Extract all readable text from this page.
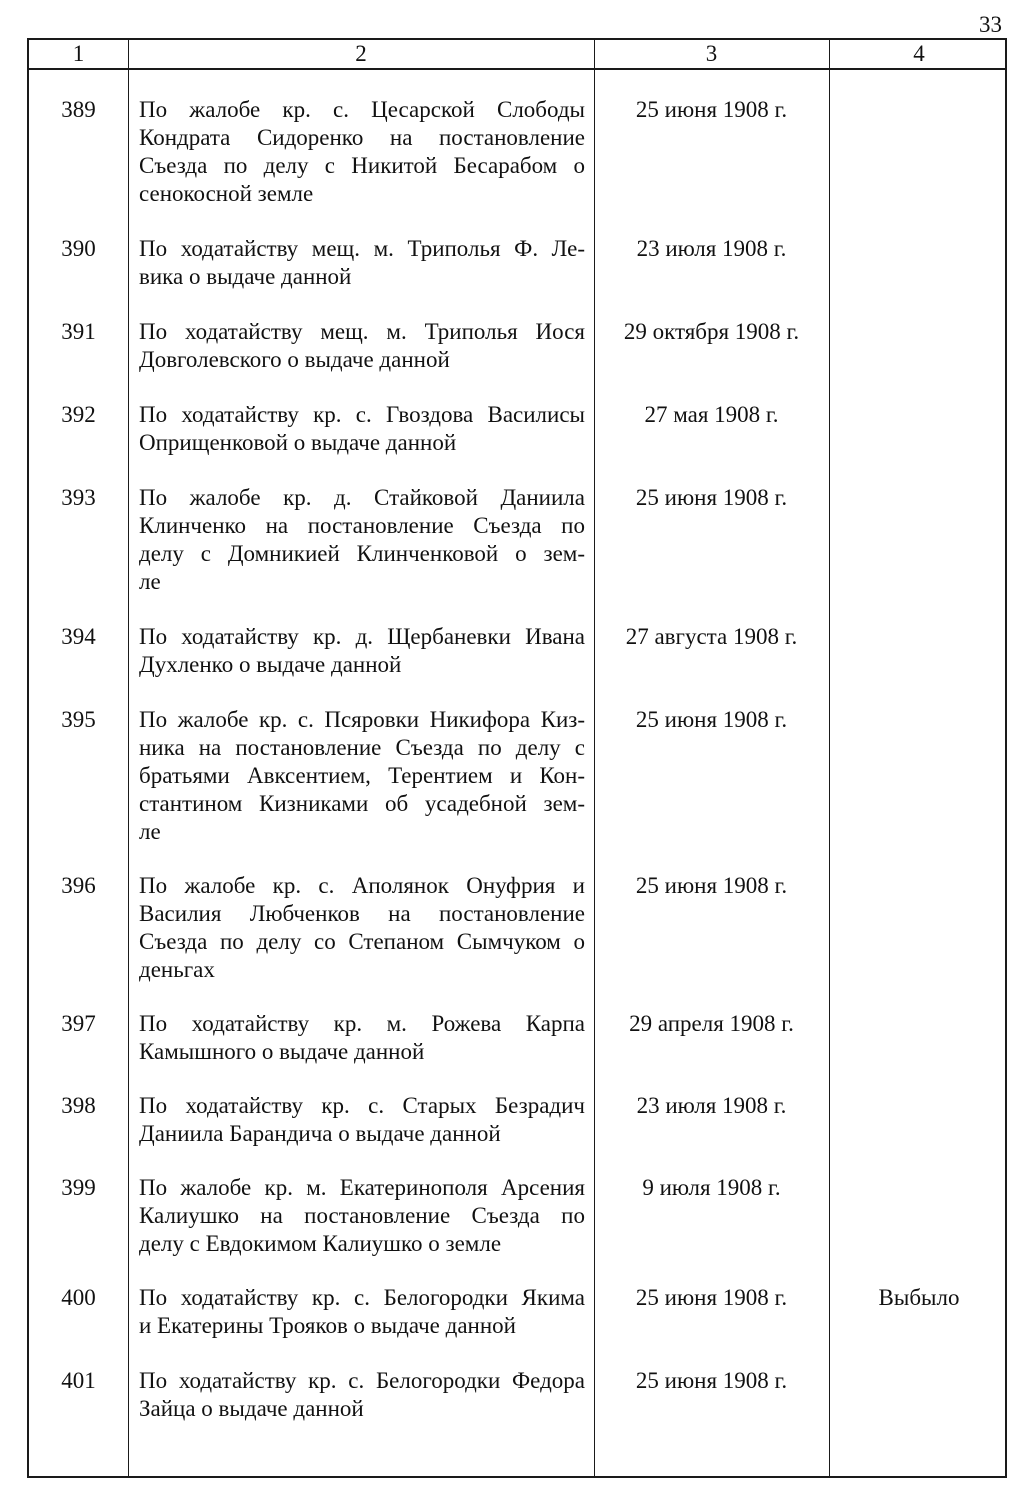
33
1	2	3	4
389	По жалобе кр. с. Цесарской Слободы
Кондрата Сидоренко на постановление
Съезда по делу с Никитой Бесарабом о
сенокосной земле
25 июня 1908 г.
390	По ходатайству мещ. м. Триполья Ф. Ле-
вика о выдаче данной
23 июля 1908 г.
391	По ходатайству мещ. м. Триполья Иося
Довголевского о выдаче данной
29 октября 1908 г.
392	По ходатайству кр. с. Гвоздова Василисы
Оприщенковой о выдаче данной
27 мая 1908 г.
393	По жалобе кр. д. Стайковой Даниила
Клинченко на постановление Съезда по
делу с Домникией Клинченковой о зем-
ле
25 июня 1908 г.
394	По ходатайству кр. д. Щербаневки Ивана
Духленко о выдаче данной
27 августа 1908 г.
395	По жалобе кр. с. Псяровки Никифора Киз-
ника на постановление Съезда по делу с
братьями Авксентием, Терентием и Кон-
стантином Кизниками об усадебной зем-
ле
25 июня 1908 г.
396	По жалобе кр. с. Аполянок Онуфрия и
Василия Любченков на постановление
Съезда по делу со Степаном Сымчуком о
деньгах
25 июня 1908 г.
397	По ходатайству кр. м. Рожева Карпа
Камышного о выдаче данной
29 апреля 1908 г.
398	По ходатайству кр. с. Старых Безрадич
Даниила Барандича о выдаче данной
23 июля 1908 г.
399	По жалобе кр. м. Екатеринополя Арсения
Калиушко на постановление Съезда по
делу с Евдокимом Калиушко о земле
9 июля 1908 г.
400	По ходатайству кр. с. Белогородки Якима
и Екатерины Трояков о выдаче данной
25 июня 1908 г.	Выбыло
401	По ходатайству кр. с. Белогородки Федора
Зайца о выдаче данной
25 июня 1908 г.
